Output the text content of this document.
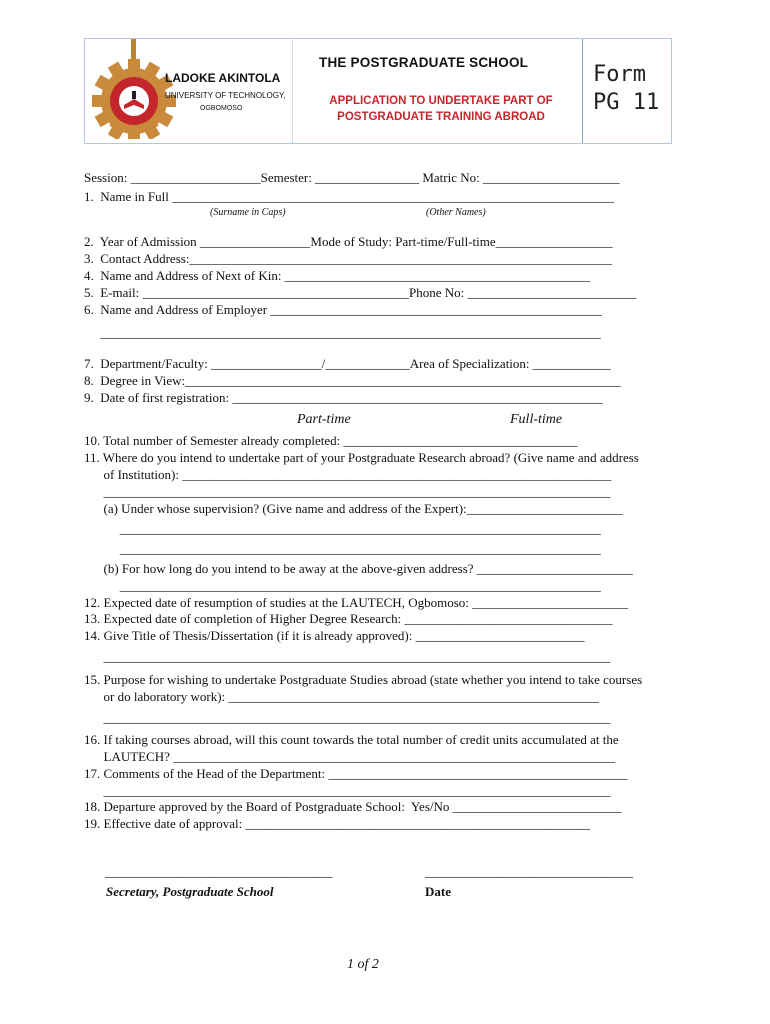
LADOKE AKINTOLA
UNIVERSITY OF TECHNOLOGY,
OGBOMOSO
THE POSTGRADUATE SCHOOL
APPLICATION TO UNDERTAKE PART OF
POSTGRADUATE TRAINING ABROAD
Form
PG 11
Session: ____________________Semester: ________________ Matric No: _____________________
1.  Name in Full ____________________________________________________________________
(Surname in Caps)	(Other Names)
2.  Year of Admission _________________Mode of Study: Part-time/Full-time__________________
3.  Contact Address:_________________________________________________________________
4.  Name and Address of Next of Kin: _______________________________________________
5.  E-mail: _________________________________________Phone No: __________________________
6.  Name and Address of Employer ___________________________________________________
_____________________________________________________________________________
7.  Department/Faculty: _________________/_____________Area of Specialization: ____________
8.  Degree in View:___________________________________________________________________
9.  Date of first registration: _________________________________________________________
Part-time	Full-time
10. Total number of Semester already completed: ____________________________________
11. Where do you intend to undertake part of your Postgraduate Research abroad? (Give name and address
of Institution): __________________________________________________________________
______________________________________________________________________________
(a) Under whose supervision? (Give name and address of the Expert):________________________
__________________________________________________________________________
__________________________________________________________________________
(b) For how long do you intend to be away at the above-given address? ________________________
__________________________________________________________________________
12. Expected date of resumption of studies at the LAUTECH, Ogbomoso: ________________________
13. Expected date of completion of Higher Degree Research: ________________________________
14. Give Title of Thesis/Dissertation (if it is already approved): __________________________
______________________________________________________________________________
15. Purpose for wishing to undertake Postgraduate Studies abroad (state whether you intend to take courses
or do laboratory work): _________________________________________________________
______________________________________________________________________________
16. If taking courses abroad, will this count towards the total number of credit units accumulated at the
LAUTECH? ____________________________________________________________________
17. Comments of the Head of the Department: ______________________________________________
______________________________________________________________________________
18. Departure approved by the Board of Postgraduate School:  Yes/No __________________________
19. Effective date of approval: _____________________________________________________
___________________________________	________________________________
Secretary, Postgraduate School	Date
1 of 2
